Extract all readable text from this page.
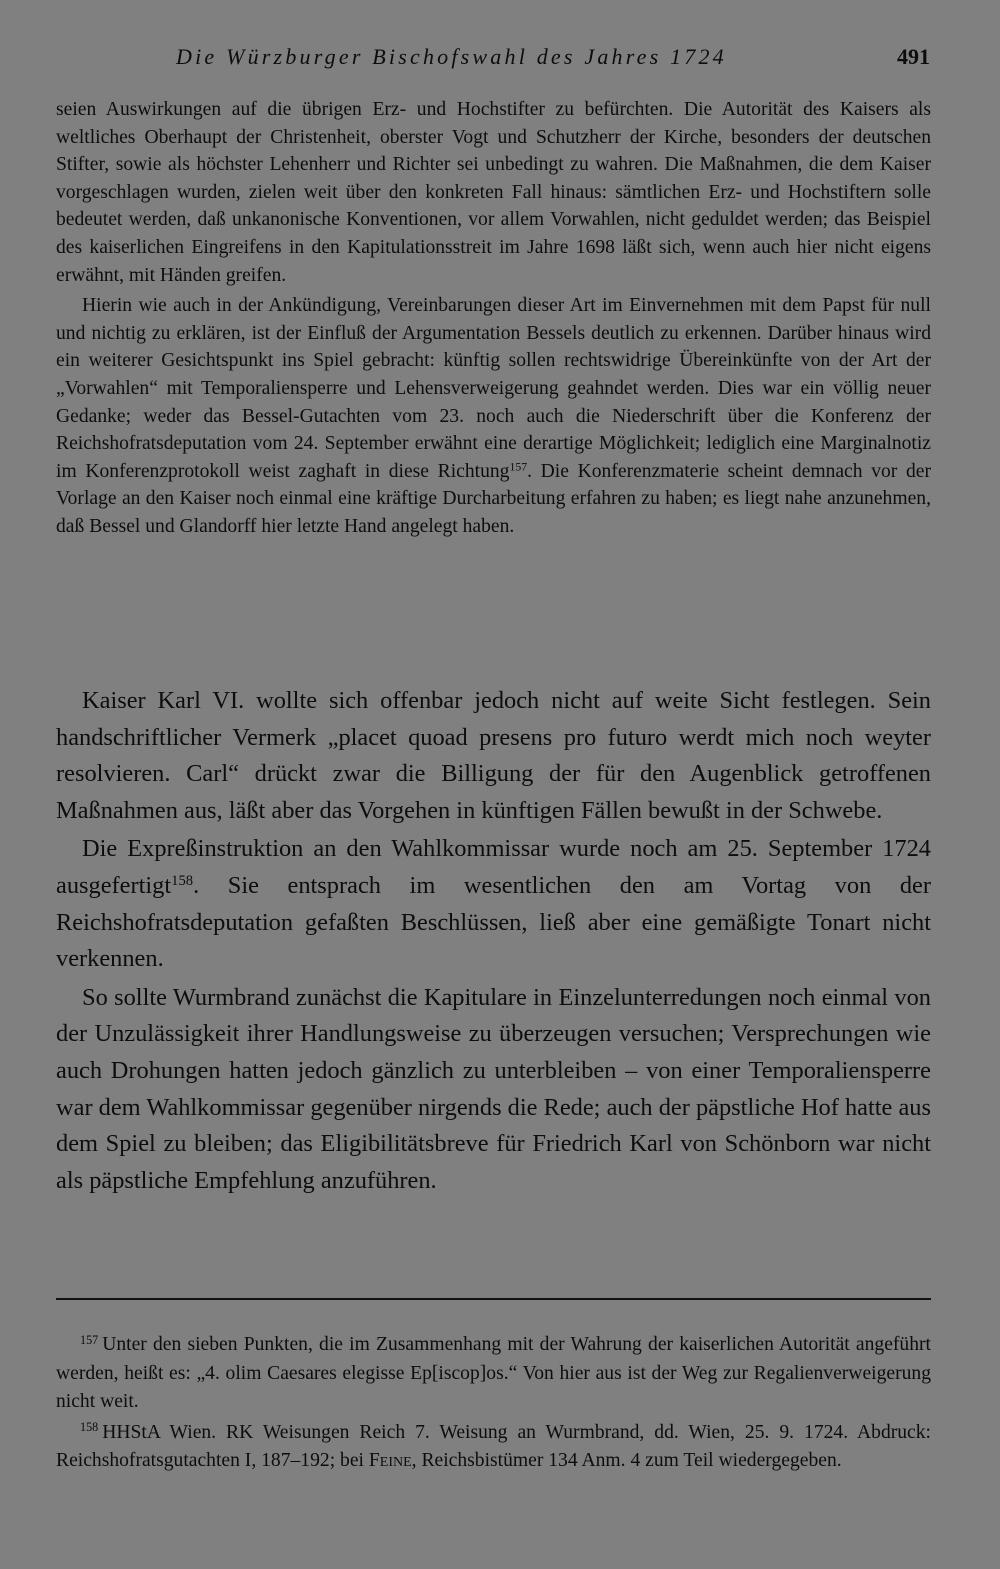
Die Würzburger Bischofswahl des Jahres 1724	491

seien Auswirkungen auf die übrigen Erz- und Hochstifter zu befürchten. Die Autorität des Kaisers als weltliches Oberhaupt der Christenheit, oberster Vogt und Schutzherr der Kirche, besonders der deutschen Stifter, sowie als höchster Lehenherr und Richter sei unbedingt zu wahren. Die Maßnahmen, die dem Kaiser vorgeschlagen wurden, zielen weit über den konkreten Fall hinaus: sämtlichen Erz- und Hochstiftern solle bedeutet werden, daß unkanonische Konventionen, vor allem Vorwahlen, nicht geduldet werden; das Beispiel des kaiserlichen Eingreifens in den Kapitulationsstreit im Jahre 1698 läßt sich, wenn auch hier nicht eigens erwähnt, mit Händen greifen.

Hierin wie auch in der Ankündigung, Vereinbarungen dieser Art im Einvernehmen mit dem Papst für null und nichtig zu erklären, ist der Einfluß der Argumentation Bessels deutlich zu erkennen. Darüber hinaus wird ein weiterer Gesichtspunkt ins Spiel gebracht: künftig sollen rechtswidrige Übereinkünfte von der Art der „Vorwahlen“ mit Temporaliensperre und Lehensverweigerung geahndet werden. Dies war ein völlig neuer Gedanke; weder das Bessel-Gutachten vom 23. noch auch die Niederschrift über die Konferenz der Reichshofratsdeputation vom 24. September erwähnt eine derartige Möglichkeit; lediglich eine Marginalnotiz im Konferenzprotokoll weist zaghaft in diese Richtung$^{157}$. Die Konferenzmaterie scheint demnach vor der Vorlage an den Kaiser noch einmal eine kräftige Durcharbeitung erfahren zu haben; es liegt nahe anzunehmen, daß Bessel und Glandorff hier letzte Hand angelegt haben.

Kaiser Karl VI. wollte sich offenbar jedoch nicht auf weite Sicht festlegen. Sein handschriftlicher Vermerk „placet quoad presens pro futuro werdt mich noch weyter resolvieren. Carl“ drückt zwar die Billigung der für den Augenblick getroffenen Maßnahmen aus, läßt aber das Vorgehen in künftigen Fällen bewußt in der Schwebe.

Die Expreßinstruktion an den Wahlkommissar wurde noch am 25. September 1724 ausgefertigt$^{158}$. Sie entsprach im wesentlichen den am Vortag von der Reichshofratsdeputation gefaßten Beschlüssen, ließ aber eine gemäßigte Tonart nicht verkennen.

So sollte Wurmbrand zunächst die Kapitulare in Einzelunterredungen noch einmal von der Unzulässigkeit ihrer Handlungsweise zu überzeugen versuchen; Versprechungen wie auch Drohungen hatten jedoch gänzlich zu unterbleiben – von einer Temporaliensperre war dem Wahlkommissar gegenüber nirgends die Rede; auch der päpstliche Hof hatte aus dem Spiel zu bleiben; das Eligibilitätsbreve für Friedrich Karl von Schönborn war nicht als päpstliche Empfehlung anzuführen.

$^{157}$ Unter den sieben Punkten, die im Zusammenhang mit der Wahrung der kaiserlichen Autorität angeführt werden, heißt es: „4. olim Caesares elegisse Ep[iscop]os.“ Von hier aus ist der Weg zur Regalienverweigerung nicht weit.

$^{158}$ HHStA Wien. RK Weisungen Reich 7. Weisung an Wurmbrand, dd. Wien, 25. 9. 1724. Abdruck: Reichshofratsgutachten I, 187–192; bei Feine, Reichsbistümer 134 Anm. 4 zum Teil wiedergegeben.
